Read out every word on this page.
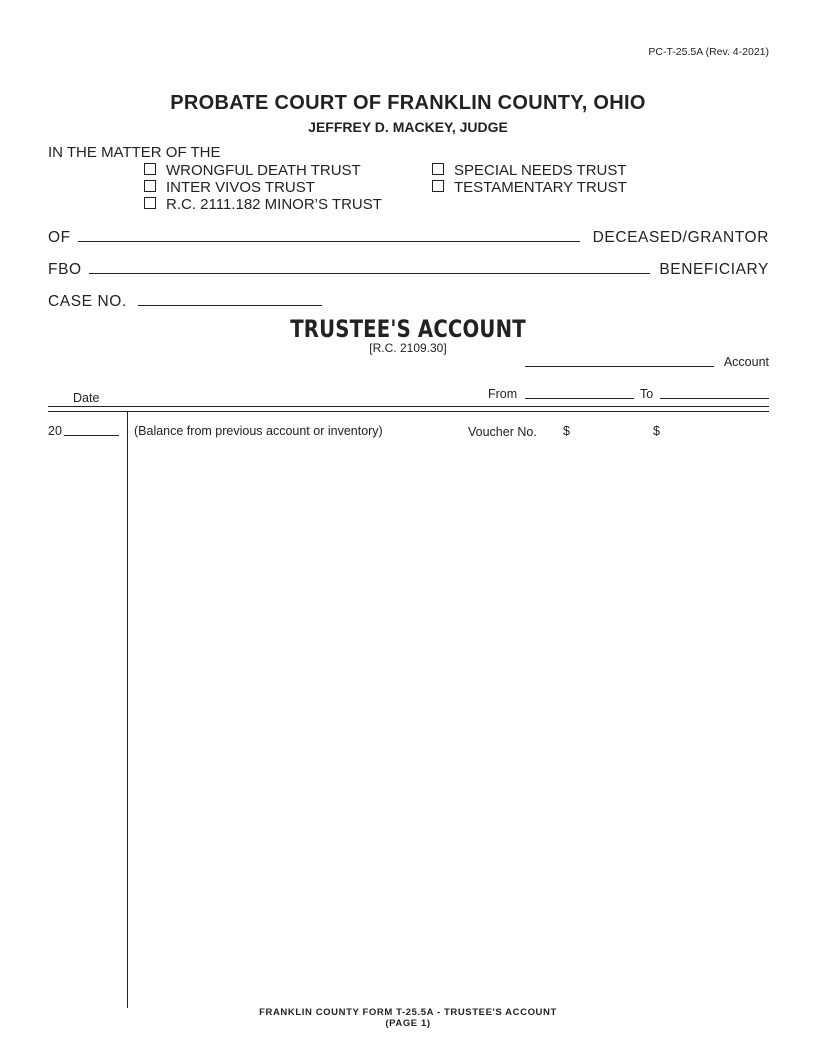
PC-T-25.5A (Rev. 4-2021)
PROBATE COURT OF FRANKLIN COUNTY, OHIO
JEFFREY D. MACKEY, JUDGE
IN THE MATTER OF THE
WRONGFUL DEATH TRUST	SPECIAL NEEDS TRUST
INTER VIVOS TRUST	TESTAMENTARY TRUST
R.C. 2111.182 MINOR’S TRUST
OF	DECEASED/GRANTOR
FBO	BENEFICIARY
CASE NO.
TRUSTEE'S ACCOUNT
[R.C. 2109.30]
Account
Date	From	To
20	(Balance from previous account or inventory)	Voucher No. $	$
FRANKLIN COUNTY FORM T-25.5A - TRUSTEE'S ACCOUNT
(PAGE 1)
